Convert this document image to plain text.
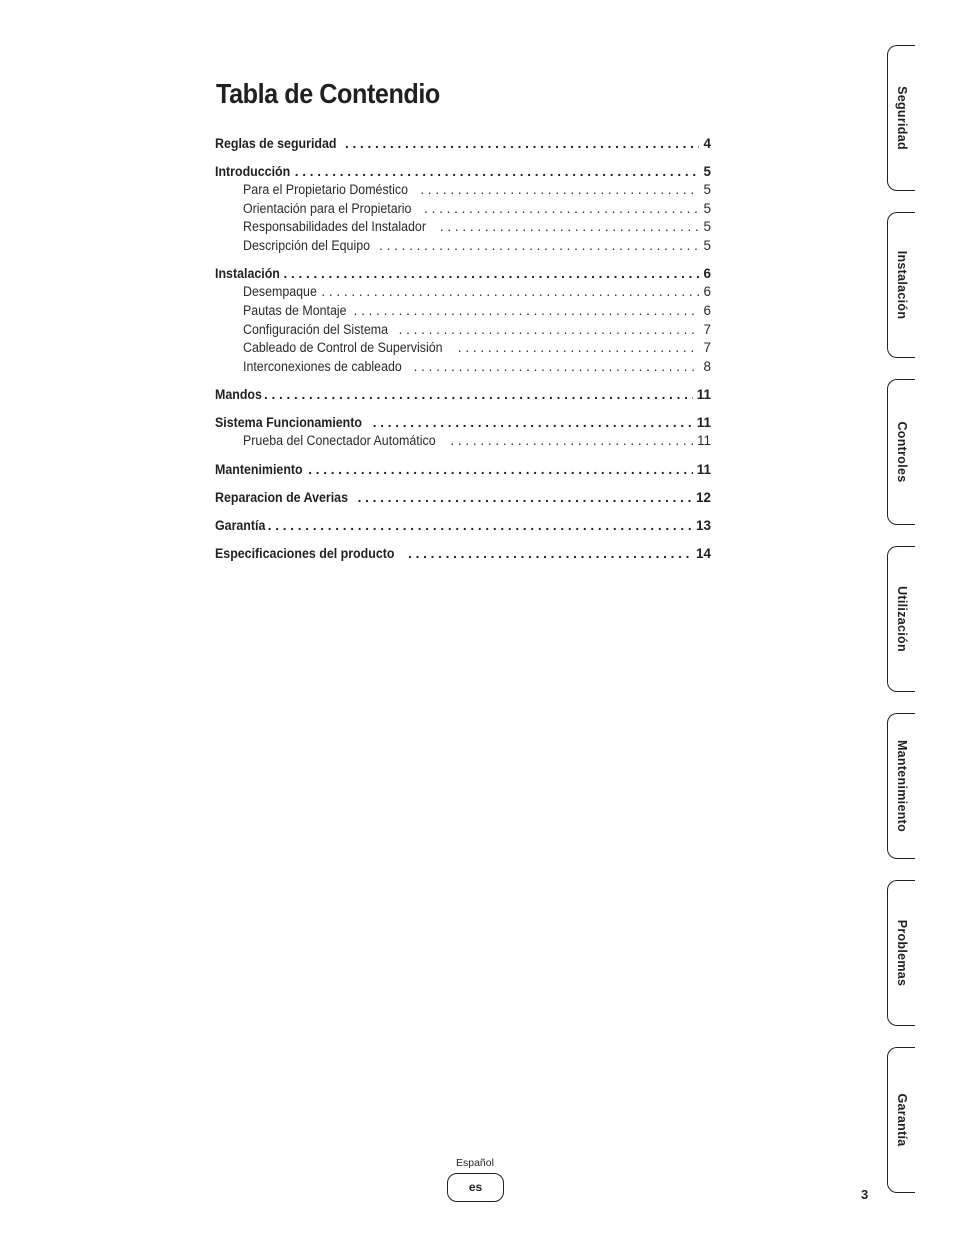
Tabla de Contendio
Reglas de seguridad . . .	4
Introducción . . .	5
Para el Propietario Doméstico . . .	5
Orientación para el Propietario . . .	5
Responsabilidades del Instalador . . .	5
Descripción del Equipo . . .	5
Instalación . . .	6
Desempaque . . .	6
Pautas de Montaje . . .	6
Configuración del Sistema . . .	7
Cableado de Control de Supervisión . . .	7
Interconexiones de cableado . . .	8
Mandos . . .	11
Sistema Funcionamiento . . .	11
Prueba del Conectador Automático . . .	11
Mantenimiento . . .	11
Reparacion de Averias . . .	12
Garantía . . .	13
Especificaciones del producto . . .	14
Seguridad
Instalación
Controles
Utilización
Mantenimiento
Problemas
Garantía
Español
es	3
